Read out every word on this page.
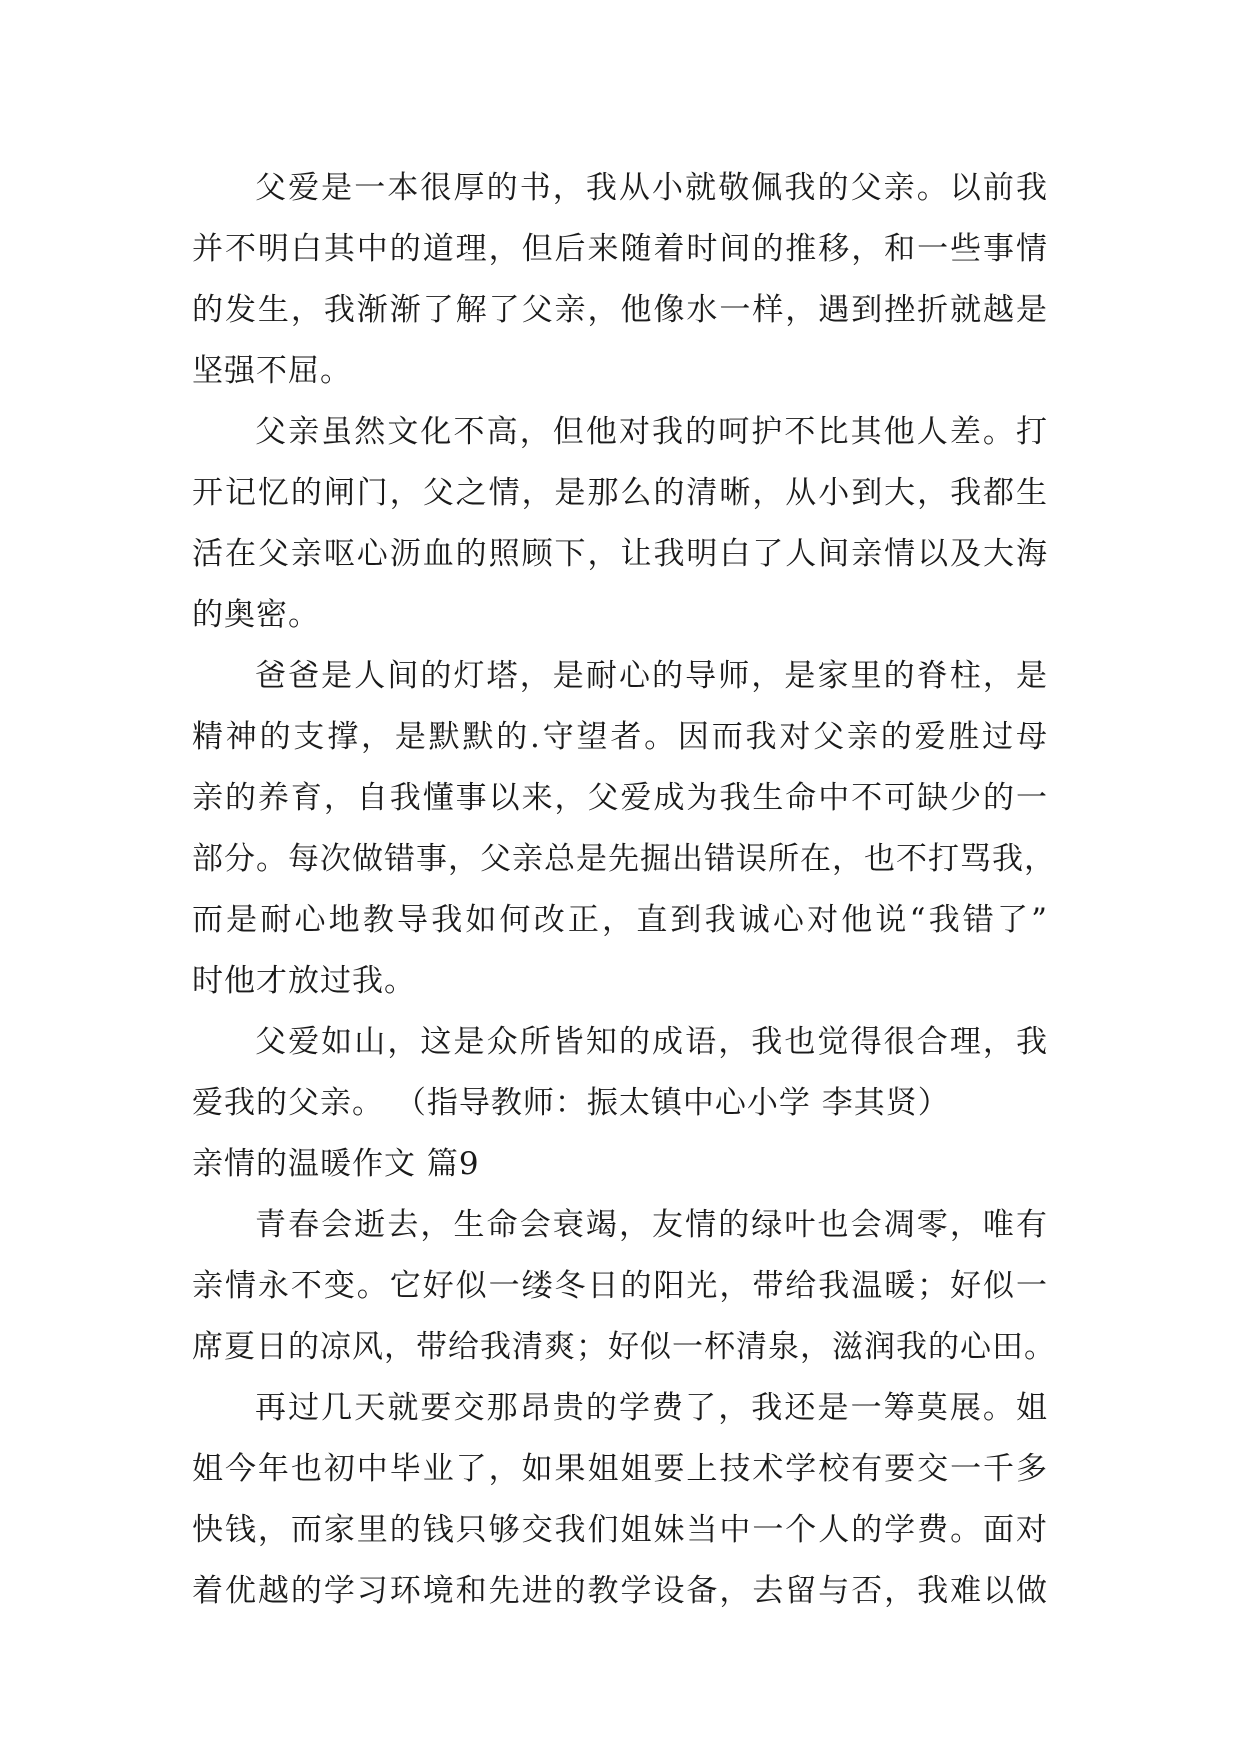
父爱是一本很厚的书，我从小就敬佩我的父亲。以前我
并不明白其中的道理，但后来随着时间的推移，和一些事情
的发生，我渐渐了解了父亲，他像水一样，遇到挫折就越是
坚强不屈。
父亲虽然文化不高，但他对我的呵护不比其他人差。打
开记忆的闸门，父之情，是那么的清晰，从小到大，我都生
活在父亲呕心沥血的照顾下，让我明白了人间亲情以及大海
的奥密。
爸爸是人间的灯塔，是耐心的导师，是家里的脊柱，是
精神的支撑，是默默的.守望者。因而我对父亲的爱胜过母
亲的养育，自我懂事以来，父爱成为我生命中不可缺少的一
部分。每次做错事，父亲总是先掘出错误所在，也不打骂我，
而是耐心地教导我如何改正，直到我诚心对他说“我错了”
时他才放过我。
父爱如山，这是众所皆知的成语，我也觉得很合理，我
爱我的父亲。 （指导教师：振太镇中心小学 李其贤）
亲情的温暖作文 篇9
青春会逝去，生命会衰竭，友情的绿叶也会凋零，唯有
亲情永不变。它好似一缕冬日的阳光，带给我温暖；好似一
席夏日的凉风，带给我清爽；好似一杯清泉，滋润我的心田。
再过几天就要交那昂贵的学费了，我还是一筹莫展。姐
姐今年也初中毕业了，如果姐姐要上技术学校有要交一千多
快钱，而家里的钱只够交我们姐妹当中一个人的学费。面对
着优越的学习环境和先进的教学设备，去留与否，我难以做
